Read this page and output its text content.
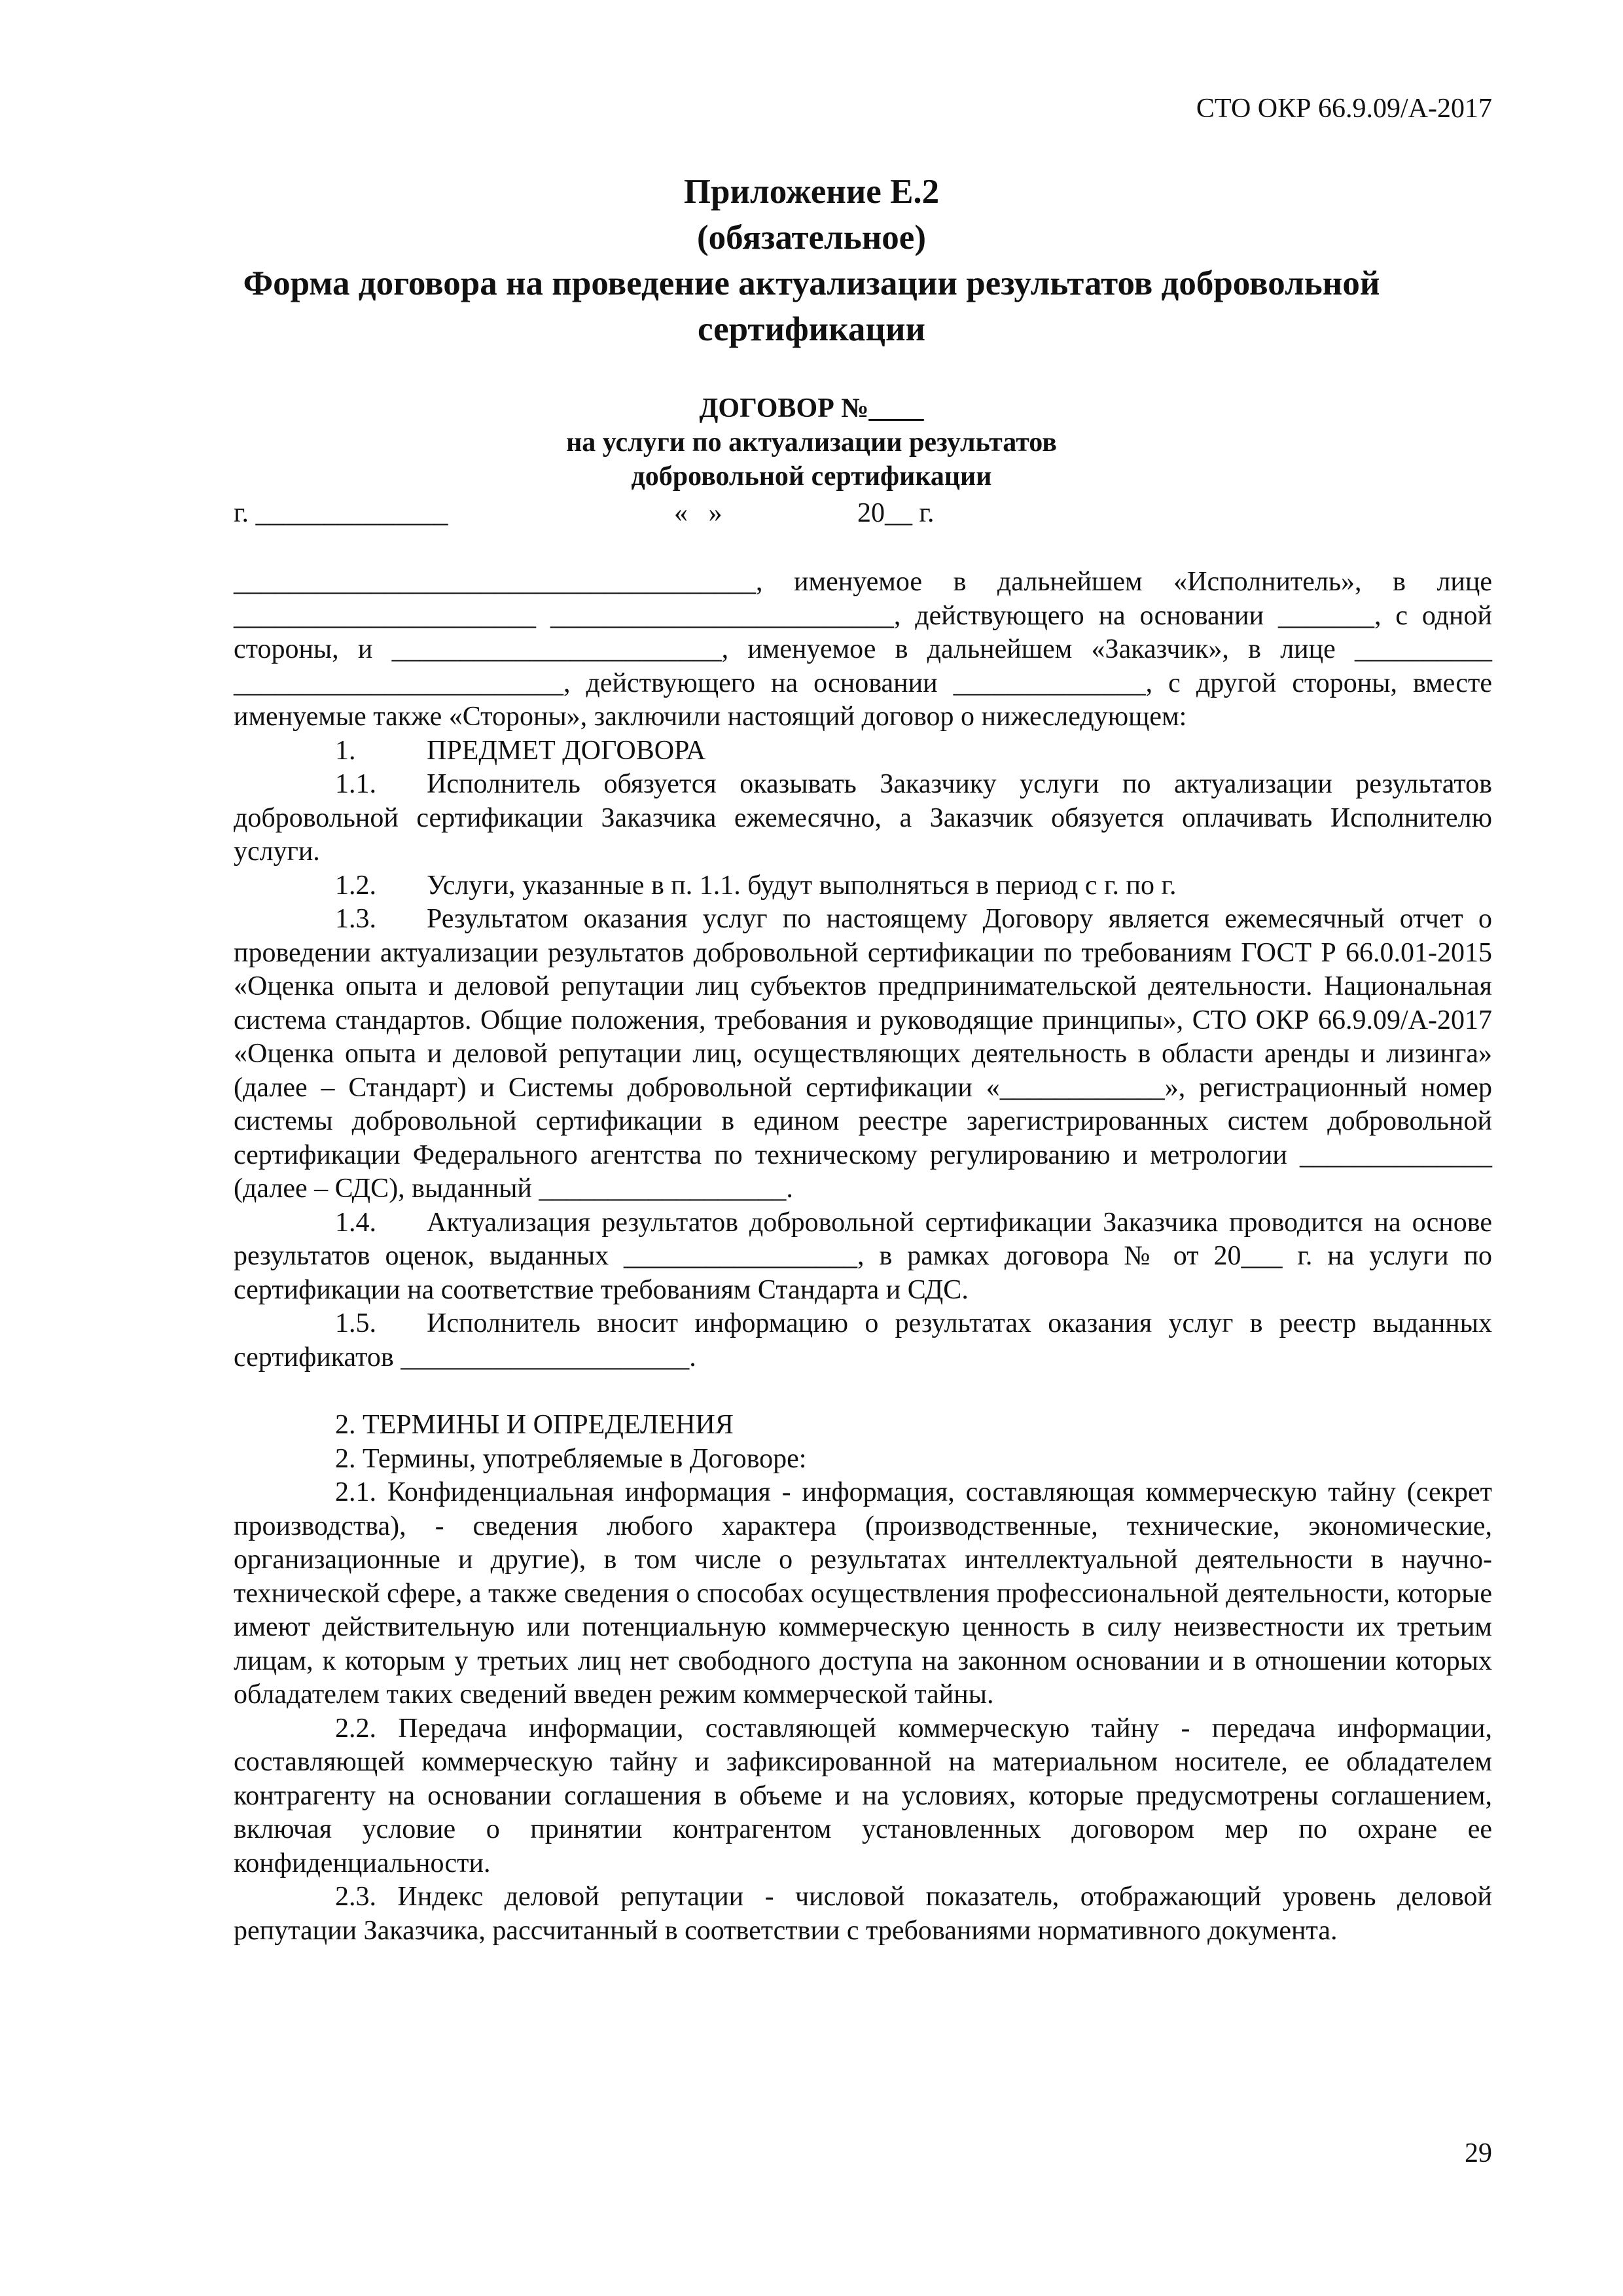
СТО ОКР 66.9.09/А-2017
Приложение Е.2
(обязательное)
Форма договора на проведение актуализации результатов добровольной
сертификации
ДОГОВОР №____
на услуги по актуализации результатов
добровольной сертификации
г. ______________	«   »	20__ г.

______________________________________, именуемое в дальнейшем «Исполнитель», в лице ______________________ _________________________, действующего на основании _______, с одной стороны, и ________________________, именуемое в дальнейшем «Заказчик», в лице __________ ________________________, действующего на основании ______________, с другой стороны, вместе именуемые также «Стороны», заключили настоящий договор о нижеследующем:

1.	ПРЕДМЕТ ДОГОВОРА

1.1. Исполнитель обязуется оказывать Заказчику услуги по актуализации результатов добровольной сертификации Заказчика ежемесячно, а Заказчик обязуется оплачивать Исполнителю услуги.

1.2. Услуги, указанные в п. 1.1. будут выполняться в период с г. по г.

1.3. Результатом оказания услуг по настоящему Договору является ежемесячный отчет о проведении актуализации результатов добровольной сертификации по требованиям ГОСТ Р 66.0.01-2015 «Оценка опыта и деловой репутации лиц субъектов предпринимательской деятельности. Национальная система стандартов. Общие положения, требования и руководящие принципы», СТО ОКР 66.9.09/А-2017 «Оценка опыта и деловой репутации лиц, осуществляющих деятельность в области аренды и лизинга» (далее – Стандарт) и Системы добровольной сертификации «____________», регистрационный номер системы добровольной сертификации в едином реестре зарегистрированных систем добровольной сертификации Федерального агентства по техническому регулированию и метрологии ______________ (далее – СДС), выданный __________________.

1.4. Актуализация результатов добровольной сертификации Заказчика проводится на основе результатов оценок, выданных _________________, в рамках договора № от 20___ г. на услуги по сертификации на соответствие требованиям Стандарта и СДС.

1.5. Исполнитель вносит информацию о результатах оказания услуг в реестр выданных сертификатов _____________________.

2. ТЕРМИНЫ И ОПРЕДЕЛЕНИЯ

2. Термины, употребляемые в Договоре:

2.1. Конфиденциальная информация - информация, составляющая коммерческую тайну (секрет производства), - сведения любого характера (производственные, технические, экономические, организационные и другие), в том числе о результатах интеллектуальной деятельности в научно-технической сфере, а также сведения о способах осуществления профессиональной деятельности, которые имеют действительную или потенциальную коммерческую ценность в силу неизвестности их третьим лицам, к которым у третьих лиц нет свободного доступа на законном основании и в отношении которых обладателем таких сведений введен режим коммерческой тайны.

2.2. Передача информации, составляющей коммерческую тайну - передача информации, составляющей коммерческую тайну и зафиксированной на материальном носителе, ее обладателем контрагенту на основании соглашения в объеме и на условиях, которые предусмотрены соглашением, включая условие о принятии контрагентом установленных договором мер по охране ее конфиденциальности.

2.3. Индекс деловой репутации - числовой показатель, отображающий уровень деловой репутации Заказчика, рассчитанный в соответствии с требованиями нормативного документа.

29
